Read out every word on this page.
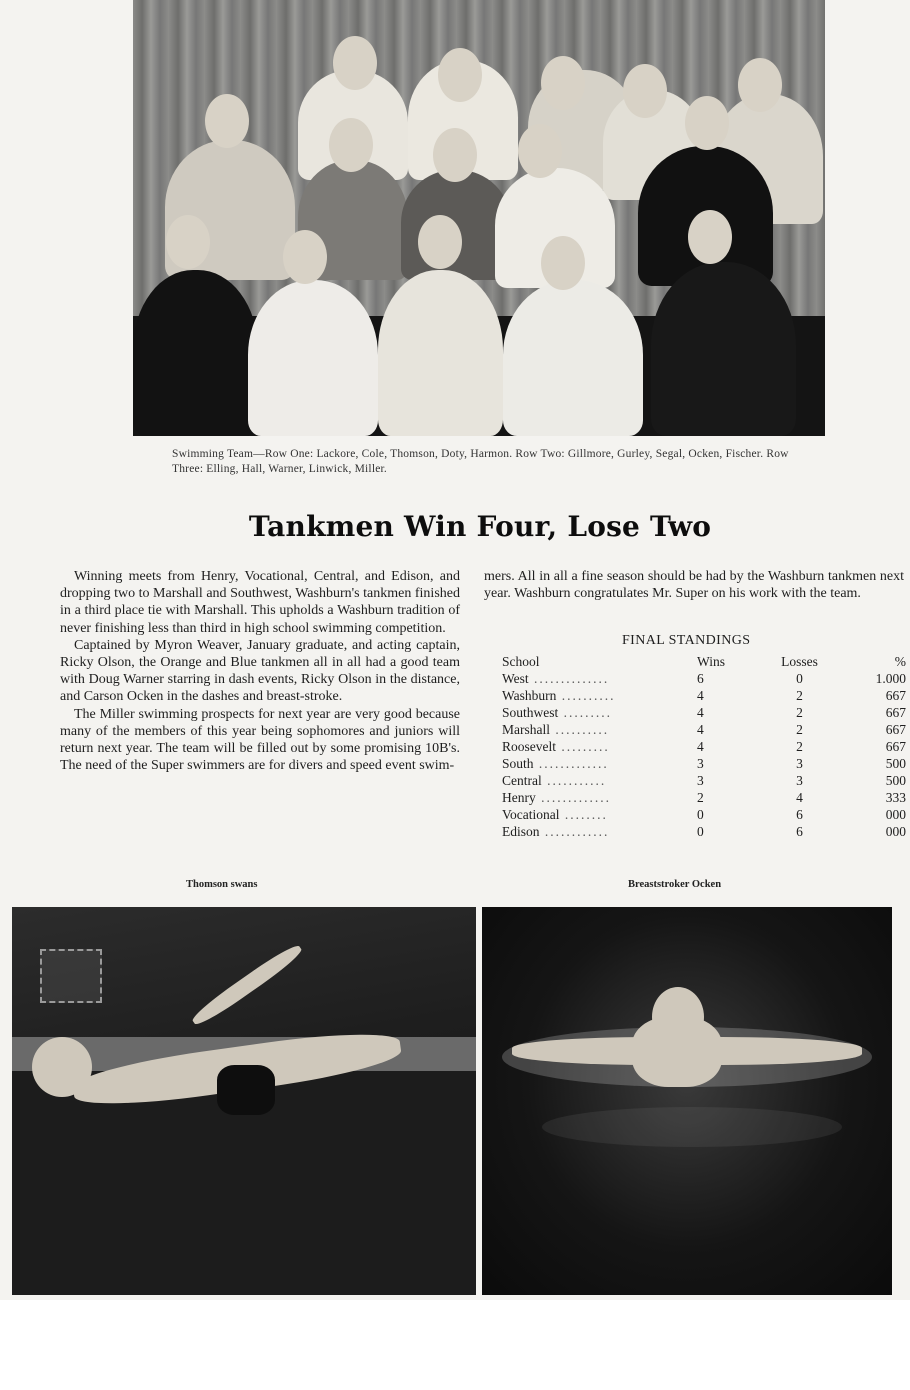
Swimming Team—Row One: Lackore, Cole, Thomson, Doty, Harmon. Row Two: Gillmore, Gurley, Segal, Ocken, Fischer. Row Three: Elling, Hall, Warner, Linwick, Miller.
Tankmen Win Four, Lose Two

Winning meets from Henry, Vocational, Central, and Edison, and dropping two to Marshall and Southwest, Washburn's tankmen finished in a third place tie with Marshall. This upholds a Washburn tradition of never finishing less than third in high school swimming competition.

Captained by Myron Weaver, January graduate, and acting captain, Ricky Olson, the Orange and Blue tankmen all in all had a good team with Doug Warner starring in dash events, Ricky Olson in the distance, and Carson Ocken in the dashes and breast-stroke.

The Miller swimming prospects for next year are very good because many of the members of this year being sophomores and juniors will return next year. The team will be filled out by some promising 10B's. The need of the Super swimmers are for divers and speed event swim-

mers. All in all a fine season should be had by the Washburn tankmen next year. Washburn congratulates Mr. Super on his work with the team.

FINAL STANDINGS
School	Wins	Losses	%
West ..............	6	0	1.000
Washburn ..........	4	2	667
Southwest .........	4	2	667
Marshall ..........	4	2	667
Roosevelt .........	4	2	667
South .............	3	3	500
Central ...........	3	3	500
Henry .............	2	4	333
Vocational ........	0	6	000
Edison ............	0	6	000
Thomson swans	Breaststroker Ocken
